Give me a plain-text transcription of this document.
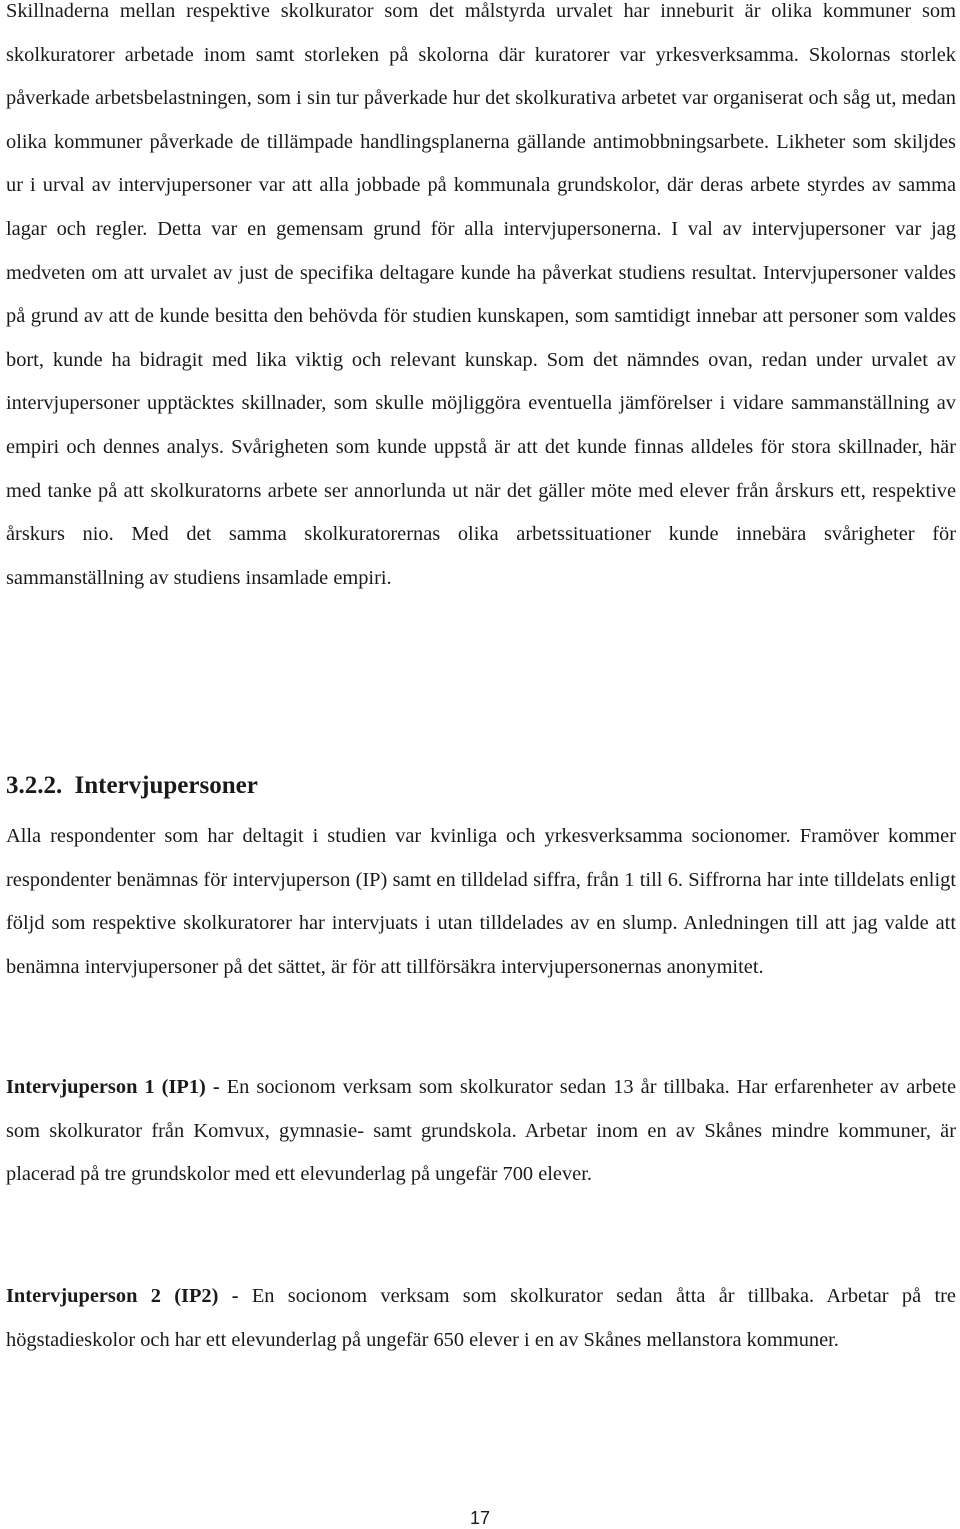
Skillnaderna mellan respektive skolkurator som det målstyrda urvalet har inneburit är olika kommuner som skolkuratorer arbetade inom samt storleken på skolorna där kuratorer var yrkesverksamma. Skolornas storlek påverkade arbetsbelastningen, som i sin tur påverkade hur det skolkurativa arbetet var organiserat och såg ut, medan olika kommuner påverkade de tillämpade handlingsplanerna gällande antimobbningsarbete. Likheter som skiljdes ur i urval av intervjupersoner var att alla jobbade på kommunala grundskolor, där deras arbete styrdes av samma lagar och regler. Detta var en gemensam grund för alla intervjupersonerna. I val av intervjupersoner var jag medveten om att urvalet av just de specifika deltagare kunde ha påverkat studiens resultat. Intervjupersoner valdes på grund av att de kunde besitta den behövda för studien kunskapen, som samtidigt innebar att personer som valdes bort, kunde ha bidragit med lika viktig och relevant kunskap. Som det nämndes ovan, redan under urvalet av intervjupersoner upptäcktes skillnader, som skulle möjliggöra eventuella jämförelser i vidare sammanställning av empiri och dennes analys. Svårigheten som kunde uppstå är att det kunde finnas alldeles för stora skillnader, här med tanke på att skolkuratorns arbete ser annorlunda ut när det gäller möte med elever från årskurs ett, respektive årskurs nio. Med det samma skolkuratorernas olika arbetssituationer kunde innebära svårigheter för sammanställning av studiens insamlade empiri.

3.2.2. Intervjupersoner

Alla respondenter som har deltagit i studien var kvinliga och yrkesverksamma socionomer. Framöver kommer respondenter benämnas för intervjuperson (IP) samt en tilldelad siffra, från 1 till 6. Siffrorna har inte tilldelats enligt följd som respektive skolkuratorer har intervjuats i utan tilldelades av en slump. Anledningen till att jag valde att benämna intervjupersoner på det sättet, är för att tillförsäkra intervjupersonernas anonymitet.

Intervjuperson 1 (IP1) - En socionom verksam som skolkurator sedan 13 år tillbaka. Har erfarenheter av arbete som skolkurator från Komvux, gymnasie- samt grundskola. Arbetar inom en av Skånes mindre kommuner, är placerad på tre grundskolor med ett elevunderlag på ungefär 700 elever.

Intervjuperson 2 (IP2) - En socionom verksam som skolkurator sedan åtta år tillbaka. Arbetar på tre högstadieskolor och har ett elevunderlag på ungefär 650 elever i en av Skånes mellanstora kommuner.

17
